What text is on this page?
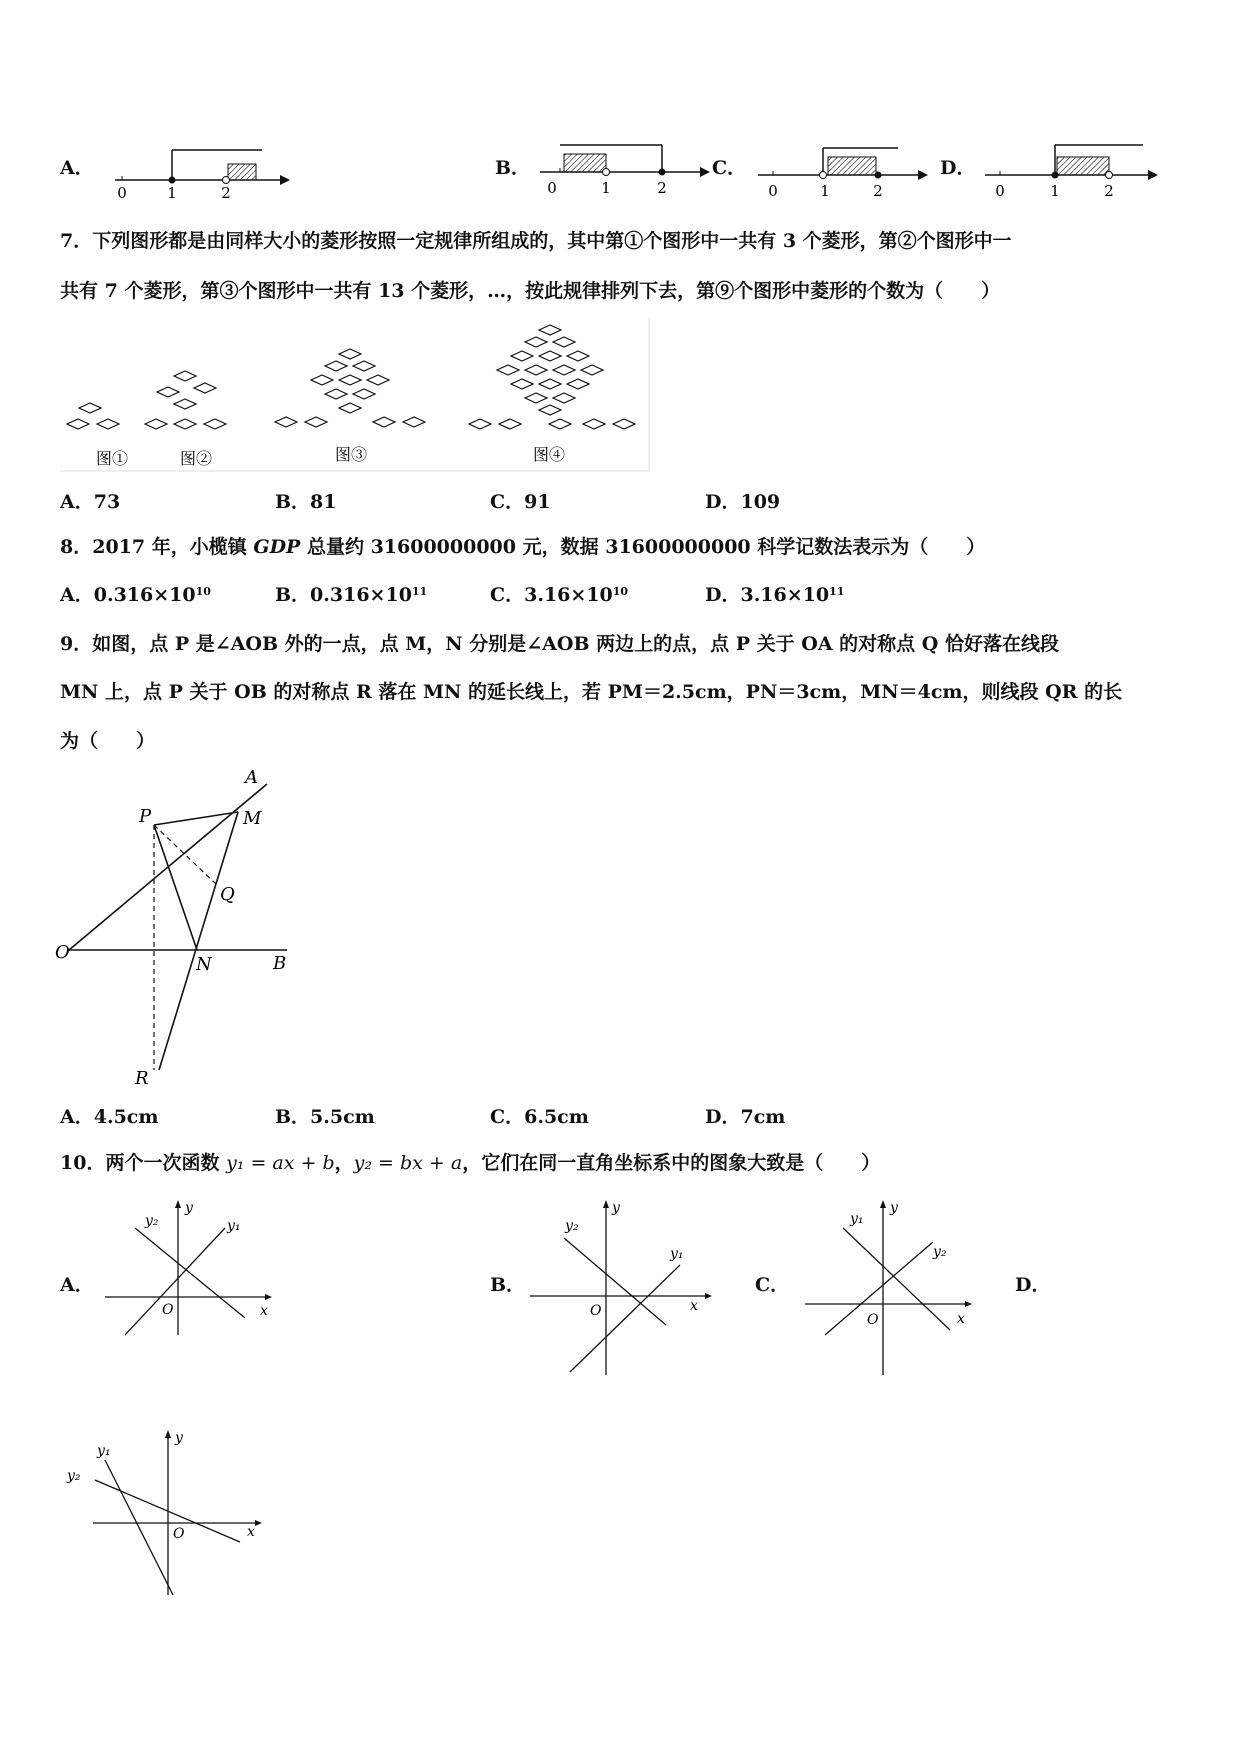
A．
0	1	2
B．
0	1	2
C．
0	1	2
D．
0	1	2
7．下列图形都是由同样大小的菱形按照一定规律所组成的，其中第①个图形中一共有 3 个菱形，第②个图形中一
共有 7 个菱形，第③个图形中一共有 13 个菱形，…，按此规律排列下去，第⑨个图形中菱形的个数为（　　）
图①	图②	图③	图④
A．73	B．81	C．91	D．109
8．2017 年，小榄镇 GDP 总量约 31600000000 元，数据 31600000000 科学记数法表示为（　　）
A．$0.316\times 10^{10}$	B．$0.316\times 10^{11}$	C．$3.16\times 10^{10}$	D．$3.16\times 10^{11}$
9．如图，点 P 是∠AOB 外的一点，点 M，N 分别是∠AOB 两边上的点，点 P 关于 OA 的对称点 Q 恰好落在线段
MN 上，点 P 关于 OB 的对称点 R 落在 MN 的延长线上，若 PM＝2.5cm，PN＝3cm，MN＝4cm，则线段 QR 的长
为（　　）
A
P	M
Q
O
N	B
R
A．4.5cm	B．5.5cm	C．6.5cm	D．7cm
10．两个一次函数 y₁ = ax + b，y₂ = bx + a，它们在同一直角坐标系中的图象大致是（　　）
A．	B．	C．	D．
x
y
O
y₂	y₁
x
y
O
y₂
y₁
x
y
O
y₁
y₂
x
y
O
y₁
y₂
